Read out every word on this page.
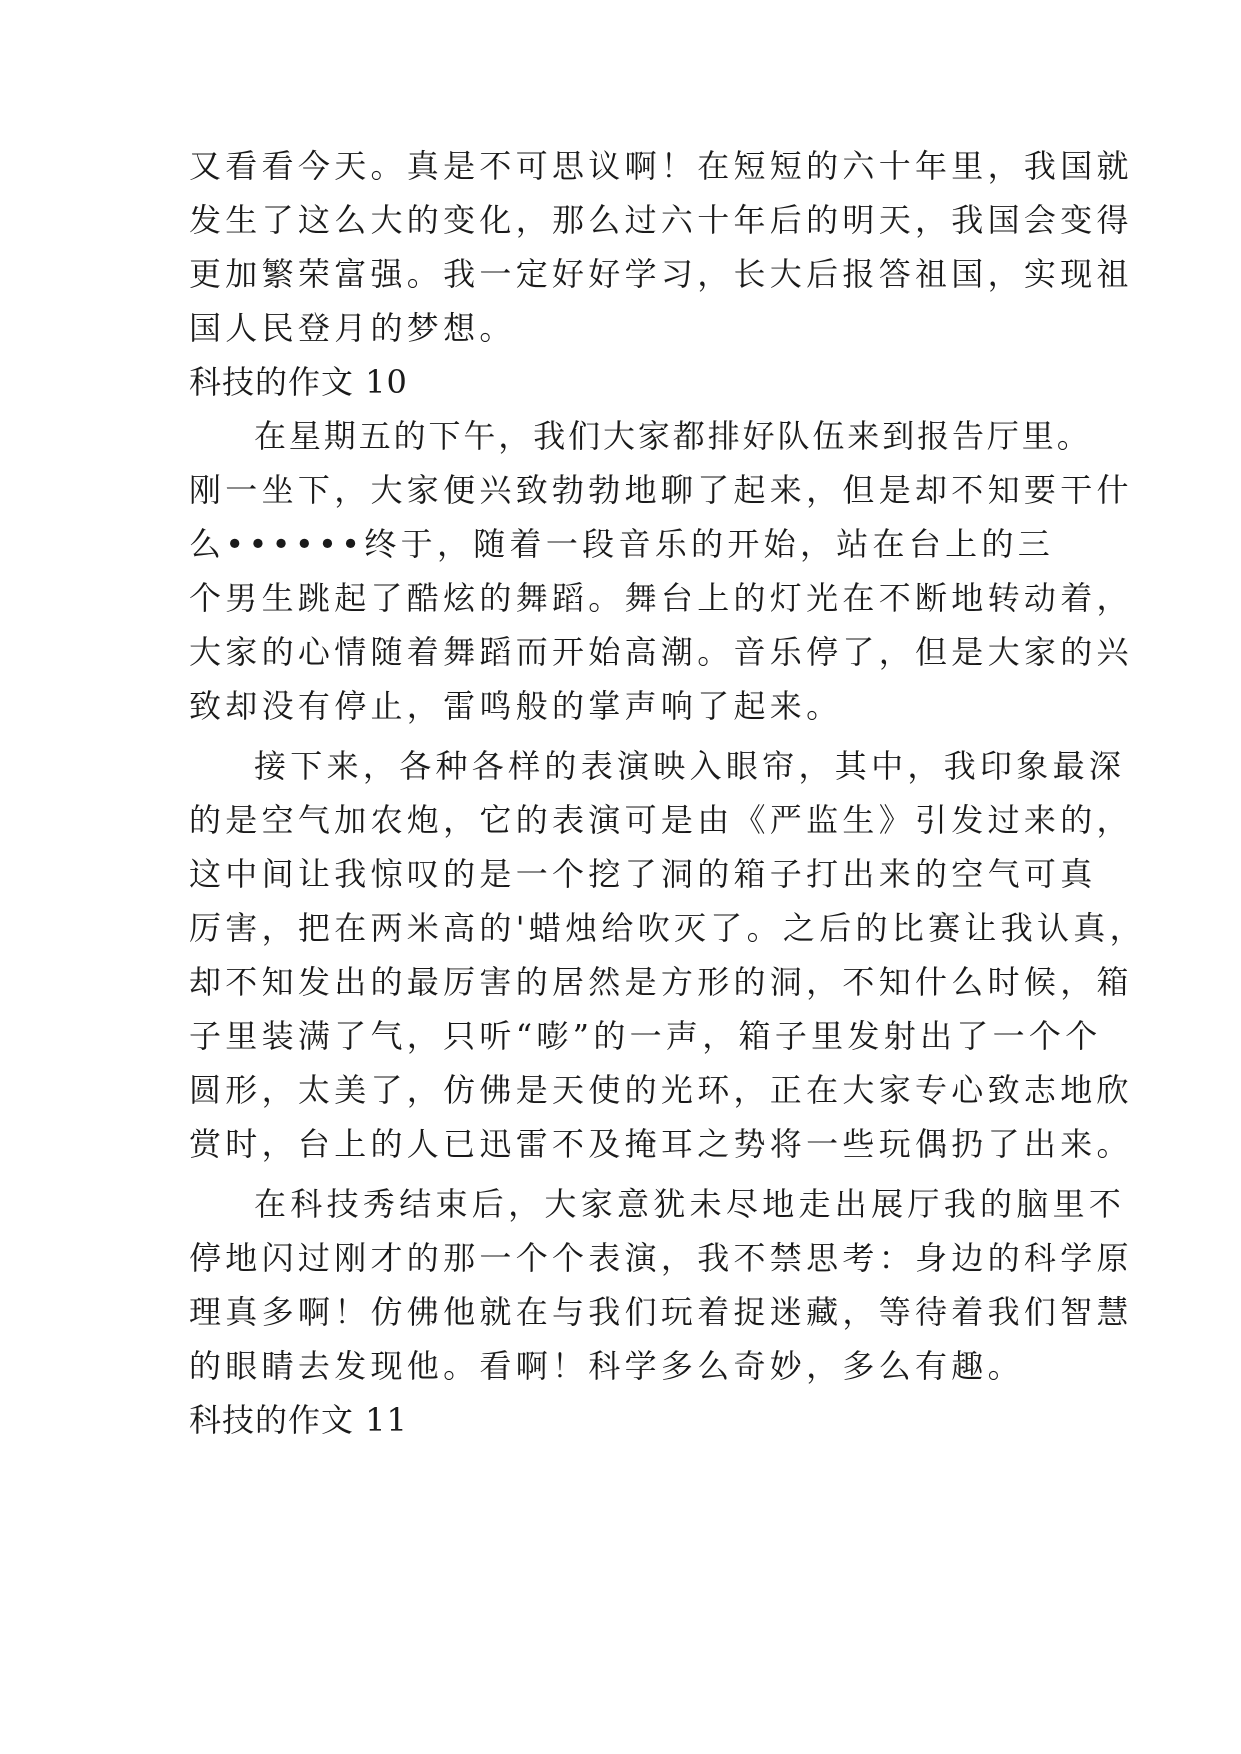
又看看今天。真是不可思议啊！在短短的六十年里，我国就
发生了这么大的变化，那么过六十年后的明天，我国会变得
更加繁荣富强。我一定好好学习，长大后报答祖国，实现祖
国人民登月的梦想。
科技的作文 10
在星期五的下午，我们大家都排好队伍来到报告厅里。
刚一坐下，大家便兴致勃勃地聊了起来，但是却不知要干什
么••••••终于，随着一段音乐的开始，站在台上的三
个男生跳起了酷炫的舞蹈。舞台上的灯光在不断地转动着，
大家的心情随着舞蹈而开始高潮。音乐停了，但是大家的兴
致却没有停止，雷鸣般的掌声响了起来。
接下来，各种各样的表演映入眼帘，其中，我印象最深
的是空气加农炮，它的表演可是由《严监生》引发过来的，
这中间让我惊叹的是一个挖了洞的箱子打出来的空气可真
厉害，把在两米高的'蜡烛给吹灭了。之后的比赛让我认真，
却不知发出的最厉害的居然是方形的洞，不知什么时候，箱
子里装满了气，只听“嘭”的一声，箱子里发射出了一个个
圆形，太美了，仿佛是天使的光环，正在大家专心致志地欣
赏时，台上的人已迅雷不及掩耳之势将一些玩偶扔了出来。
在科技秀结束后，大家意犹未尽地走出展厅我的脑里不
停地闪过刚才的那一个个表演，我不禁思考：身边的科学原
理真多啊！仿佛他就在与我们玩着捉迷藏，等待着我们智慧
的眼睛去发现他。看啊！科学多么奇妙，多么有趣。
科技的作文 11
